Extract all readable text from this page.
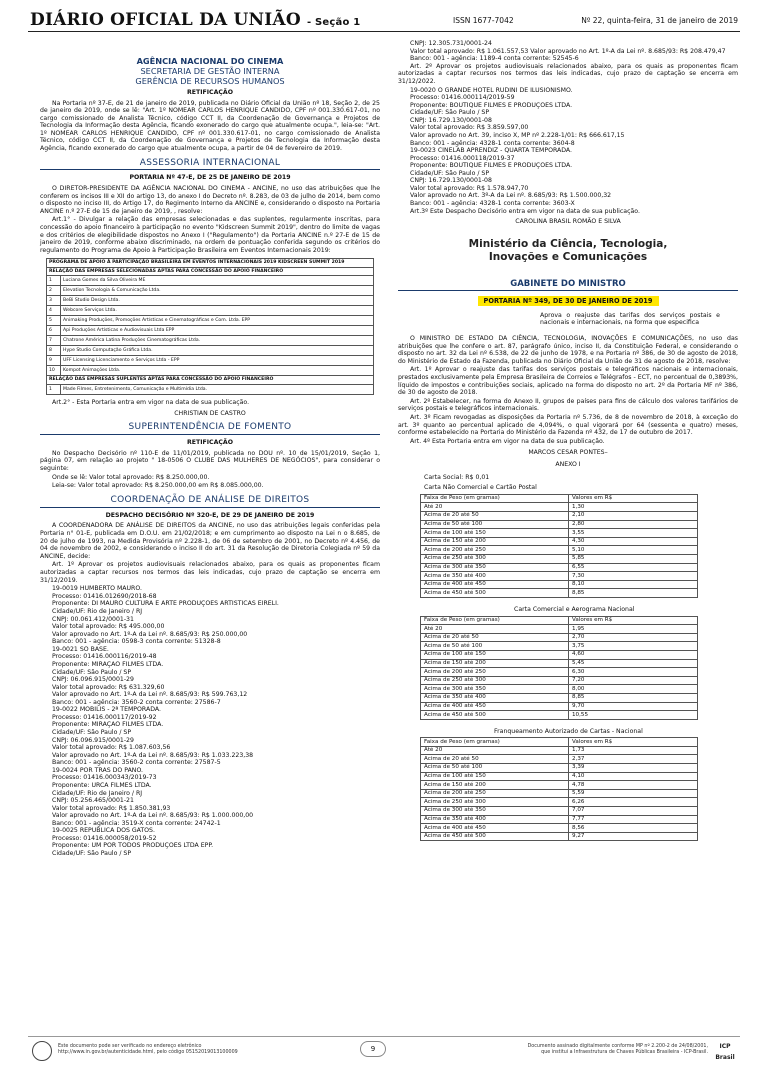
DIÁRIO OFICIAL DA UNIÃO - Seção 1	ISSN 1677-7042	Nº 22, quinta-feira, 31 de janeiro de 2019
AGÊNCIA NACIONAL DO CINEMA
SECRETARIA DE GESTÃO INTERNA
GERÊNCIA DE RECURSOS HUMANOS
RETIFICAÇÃO

Na Portaria nº 37-E, de 21 de janeiro de 2019, publicada no Diário Oficial da União nº 18, Seção 2, de 25 de janeiro de 2019, onde se lê: "Art. 1º NOMEAR CARLOS HENRIQUE CANDIDO, CPF nº 001.330.617-01, no cargo comissionado de Analista Técnico, código CCT II, da Coordenação de Governança e Projetos de Tecnologia da Informação desta Agência, ficando exonerado do cargo que atualmente ocupa.", leia-se: "Art. 1º NOMEAR CARLOS HENRIQUE CANDIDO, CPF nº 001.330.617-01, no cargo comissionado de Analista Técnico, código CCT II, da Coordenação de Governança e Projetos de Tecnologia da Informação desta Agência, ficando exonerado do cargo que atualmente ocupa, a partir de 04 de fevereiro de 2019.

ASSESSORIA INTERNACIONAL
PORTARIA Nº 47-E, DE 25 DE JANEIRO DE 2019

O DIRETOR-PRESIDENTE DA AGÊNCIA NACIONAL DO CINEMA - ANCINE, no uso das atribuições que lhe conferem os incisos III e XII do artigo 13, do anexo I do Decreto nº. 8.283, de 03 de julho de 2014, bem como o disposto no inciso III, do Artigo 17, do Regimento Interno da ANCINE e, considerando o disposto na Portaria ANCINE n.º 27-E de 15 de janeiro de 2019, , resolve:

Art.1° - Divulgar a relação das empresas selecionadas e das suplentes, regularmente inscritas, para concessão do apoio financeiro à participação no evento "Kidscreen Summit 2019", dentro do limite de vagas e dos critérios de elegibilidade dispostos no Anexo I ("Regulamento") da Portaria ANCINE n.º 27-E de 15 de janeiro de 2019, conforme abaixo discriminado, na ordem de pontuação conferida segundo os critérios do regulamento do Programa de Apoio à Participação Brasileira em Eventos Internacionais 2019:

PROGRAMA DE APOIO À PARTICIPAÇÃO BRASILEIRA EM EVENTOS INTERNACIONAIS 2019 KIDSCREEN SUMMIT 2019	
RELAÇÃO DAS EMPRESAS SELECIONADAS APTAS PARA CONCESSÃO DO APOIO FINANCEIRO	
1	Luciana Gomes da Silva Oliveira ME
2	Elevation Tecnologia & Comunicação Ltda.
3	BeBi Studio Design Ltda.
4	Webcore Serviços Ltda.
5	Animaking Produções, Promoções Artísticas e Cinematográficas e Com. Ltda. EPP
6	Api Produções Artísticas e Audiovisuais Ltda EPP
7	Chatrone América Latina Produções Cinematográficas Ltda.
8	Hype Studio Computação Gráfica Ltda.
9	UFF Licensing Licenciamento e Serviços Ltda - EPP
10	Kompot Animações Ltda.
RELAÇÃO DAS EMPRESAS SUPLENTES APTAS PARA CONCESSÃO DO APOIO FINANCEIRO	
1	Made Filmes, Entretenimento, Comunicação e Multimídia Ltda.

Art.2° - Esta Portaria entra em vigor na data de sua publicação.

CHRISTIAN DE CASTRO
SUPERINTENDÊNCIA DE FOMENTO
RETIFICAÇÃO

No Despacho Decisório nº 110-E de 11/01/2019, publicada no DOU nº. 10 de 15/01/2019, Seção 1, página 07, em relação ao projeto " 18-0506 O CLUBE DAS MULHERES DE NEGÓCIOS", para considerar o seguinte:

Onde se lê: Valor total aprovado: R$ 8.250.000,00.

Leia-se: Valor total aprovado: R$ 8.250.000,00 em R$ 8.085.000,00.

COORDENAÇÃO DE ANÁLISE DE DIREITOS
DESPACHO DECISÓRIO Nº 320-E, DE 29 DE JANEIRO DE 2019

A COORDENADORA DE ANÁLISE DE DIREITOS da ANCINE, no uso das atribuições legais conferidas pela Portaria n° 01-E, publicada em D.O.U. em 21/02/2018; e em cumprimento ao disposto na Lei n o 8.685, de 20 de julho de 1993, na Medida Provisória nº 2.228-1, de 06 de setembro de 2001, no Decreto nº 4.456, de 04 de novembro de 2002, e considerando o inciso II do art. 31 da Resolução de Diretoria Colegiada nº 59 da ANCINE, decide:

Art. 1º Aprovar os projetos audiovisuais relacionados abaixo, para os quais as proponentes ficam autorizadas a captar recursos nos termos das leis indicadas, cujo prazo de captação se encerra em 31/12/2019.

19-0019 HUMBERTO MAURO.
Processo: 01416.012690/2018-68
Proponente: DI MAURO CULTURA E ARTE PRODUÇÕES ARTÍSTICAS EIRELI.
Cidade/UF: Rio de Janeiro / RJ
CNPJ: 00.061.412/0001-31
Valor total aprovado: R$ 495.000,00
Valor aprovado no Art. 1º-A da Lei nº. 8.685/93: R$ 250.000,00
Banco: 001 - agência: 0598-3 conta corrente: 51328-8
19-0021 SÓ BASE.
Processo: 01416.000116/2019-48
Proponente: MIRAÇÃO FILMES LTDA.
Cidade/UF: São Paulo / SP
CNPJ: 06.096.915/0001-29
Valor total aprovado: R$ 631.329,60
Valor aprovado no Art. 1º-A da Lei nº. 8.685/93: R$ 599.763,12
Banco: 001 - agência: 3560-2 conta corrente: 27586-7
19-0022 MOBILIS - 2ª TEMPORADA.
Processo: 01416.000117/2019-92
Proponente: MIRAÇÃO FILMES LTDA.
Cidade/UF: São Paulo / SP
CNPJ: 06.096.915/0001-29
Valor total aprovado: R$ 1.087.603,56
Valor aprovado no Art. 1º-A da Lei nº. 8.685/93: R$ 1.033.223,38
Banco: 001 - agência: 3560-2 conta corrente: 27587-5
19-0024 POR TRÁS DO PANO.
Processo: 01416.000343/2019-73
Proponente: URCA FILMES LTDA.
Cidade/UF: Rio de Janeiro / RJ
CNPJ: 05.256.465/0001-21
Valor total aprovado: R$ 1.850.381,93
Valor aprovado no Art. 1º-A da Lei nº. 8.685/93: R$ 1.000.000,00
Banco: 001 - agência: 3519-X conta corrente: 24742-1
19-0025 REPÚBLICA DOS GATOS.
Processo: 01416.000058/2019-52
Proponente: UM POR TODOS PRODUÇÕES LTDA EPP.
Cidade/UF: São Paulo / SP
CNPJ: 12.305.731/0001-24
Valor total aprovado: R$ 1.061.557,53 Valor aprovado no Art. 1º-A da Lei nº. 8.685/93: R$ 208.479,47
Banco: 001 - agência: 1189-4 conta corrente: 52545-6

Art. 2º Aprovar os projetos audiovisuais relacionados abaixo, para os quais as proponentes ficam autorizadas a captar recursos nos termos das leis indicadas, cujo prazo de captação se encerra em 31/12/2022.

19-0020 O GRANDE HOTEL RUDINI DE ILUSIONISMO.
Processo: 01416.000114/2019-59
Proponente: BOUTIQUE FILMES E PRODUÇÕES LTDA.
Cidade/UF: São Paulo / SP
CNPJ: 16.729.130/0001-08
Valor total aprovado: R$ 3.859.597,00
Valor aprovado no Art. 39, inciso X, MP nº 2.228-1/01: R$ 666.617,15
Banco: 001 - agência: 4328-1 conta corrente: 3604-8
19-0023 CINELAB APRENDIZ - QUARTA TEMPORADA.
Processo: 01416.000118/2019-37
Proponente: BOUTIQUE FILMES E PRODUÇÕES LTDA.
Cidade/UF: São Paulo / SP
CNPJ: 16.729.130/0001-08
Valor total aprovado: R$ 1.578.947,70
Valor aprovado no Art. 3º-A da Lei nº. 8.685/93: R$ 1.500.000,32
Banco: 001 - agência: 4328-1 conta corrente: 3603-X

Art.3º Este Despacho Decisório entra em vigor na data de sua publicação.

CAROLINA BRASIL ROMÃO E SILVA
Ministério da Ciência, Tecnologia,
Inovações e Comunicações
GABINETE DO MINISTRO
PORTARIA Nº 349, DE 30 DE JANEIRO DE 2019

Aprova o reajuste das tarifas dos serviços postais e nacionais e internacionais, na forma que especifica

O MINISTRO DE ESTADO DA CIÊNCIA, TECNOLOGIA, INOVAÇÕES E COMUNICAÇÕES, no uso das atribuições que lhe confere o art. 87, parágrafo único, inciso II, da Constituição Federal, e considerando o disposto no art. 32 da Lei nº 6.538, de 22 de junho de 1978, e na Portaria nº 386, de 30 de agosto de 2018, do Ministério de Estado da Fazenda, publicada no Diário Oficial da União de 31 de agosto de 2018, resolve:

Art. 1º Aprovar o reajuste das tarifas dos serviços postais e telegráficos nacionais e internacionais, prestados exclusivamente pela Empresa Brasileira de Correios e Telégrafos - ECT, no percentual de 0,3893%, líquido de impostos e contribuições sociais, aplicado na forma do disposto no art. 2º da Portaria MF nº 386, de 30 de agosto de 2018.

Art. 2º Estabelecer, na forma do Anexo II, grupos de países para fins de cálculo dos valores tarifários de serviços postais e telegráficos internacionais.

Art. 3º Ficam revogadas as disposições da Portaria nº 5.736, de 8 de novembro de 2018, à exceção do art. 3º quanto ao percentual aplicado de 4,094%, o qual vigorará por 64 (sessenta e quatro) meses, conforme estabelecido na Portaria do Ministério da Fazenda nº 432, de 17 de outubro de 2017.

Art. 4º Esta Portaria entra em vigor na data de sua publicação.

MARCOS CESAR PONTES–
ANEXO I
Carta Social: R$ 0,01
Carta Não Comercial e Cartão Postal
Faixa de Peso (em gramas)	Valores em R$
Até 20	1,30
Acima de 20 até 50	2,10
Acima de 50 até 100	2,80
Acima de 100 até 150	3,55
Acima de 150 até 200	4,30
Acima de 200 até 250	5,10
Acima de 250 até 300	5,85
Acima de 300 até 350	6,55
Acima de 350 até 400	7,30
Acima de 400 até 450	8,10
Acima de 450 até 500	8,85
Carta Comercial e Aerograma Nacional
Faixa de Peso (em gramas)	Valores em R$
Até 20	1,95
Acima de 20 até 50	2,70
Acima de 50 até 100	3,75
Acima de 100 até 150	4,60
Acima de 150 até 200	5,45
Acima de 200 até 250	6,30
Acima de 250 até 300	7,20
Acima de 300 até 350	8,00
Acima de 350 até 400	8,85
Acima de 400 até 450	9,70
Acima de 450 até 500	10,55
Franqueamento Autorizado de Cartas - Nacional
Faixa de Peso (em gramas)	Valores em R$
Até 20	1,73
Acima de 20 até 50	2,37
Acima de 50 até 100	3,39
Acima de 100 até 150	4,10
Acima de 150 até 200	4,78
Acima de 200 até 250	5,59
Acima de 250 até 300	6,26
Acima de 300 até 350	7,07
Acima de 350 até 400	7,77
Acima de 400 até 450	8,56
Acima de 450 até 500	9,27
Este documento pode ser verificado no endereço eletrônico
http://www.in.gov.br/autenticidade.html, pelo código 05152019013100009	9	Documento assinado digitalmente conforme MP nº 2.200-2 de 24/08/2001,
que institui a Infraestrutura de Chaves Públicas Brasileira - ICP-Brasil.
ICP
Brasil
